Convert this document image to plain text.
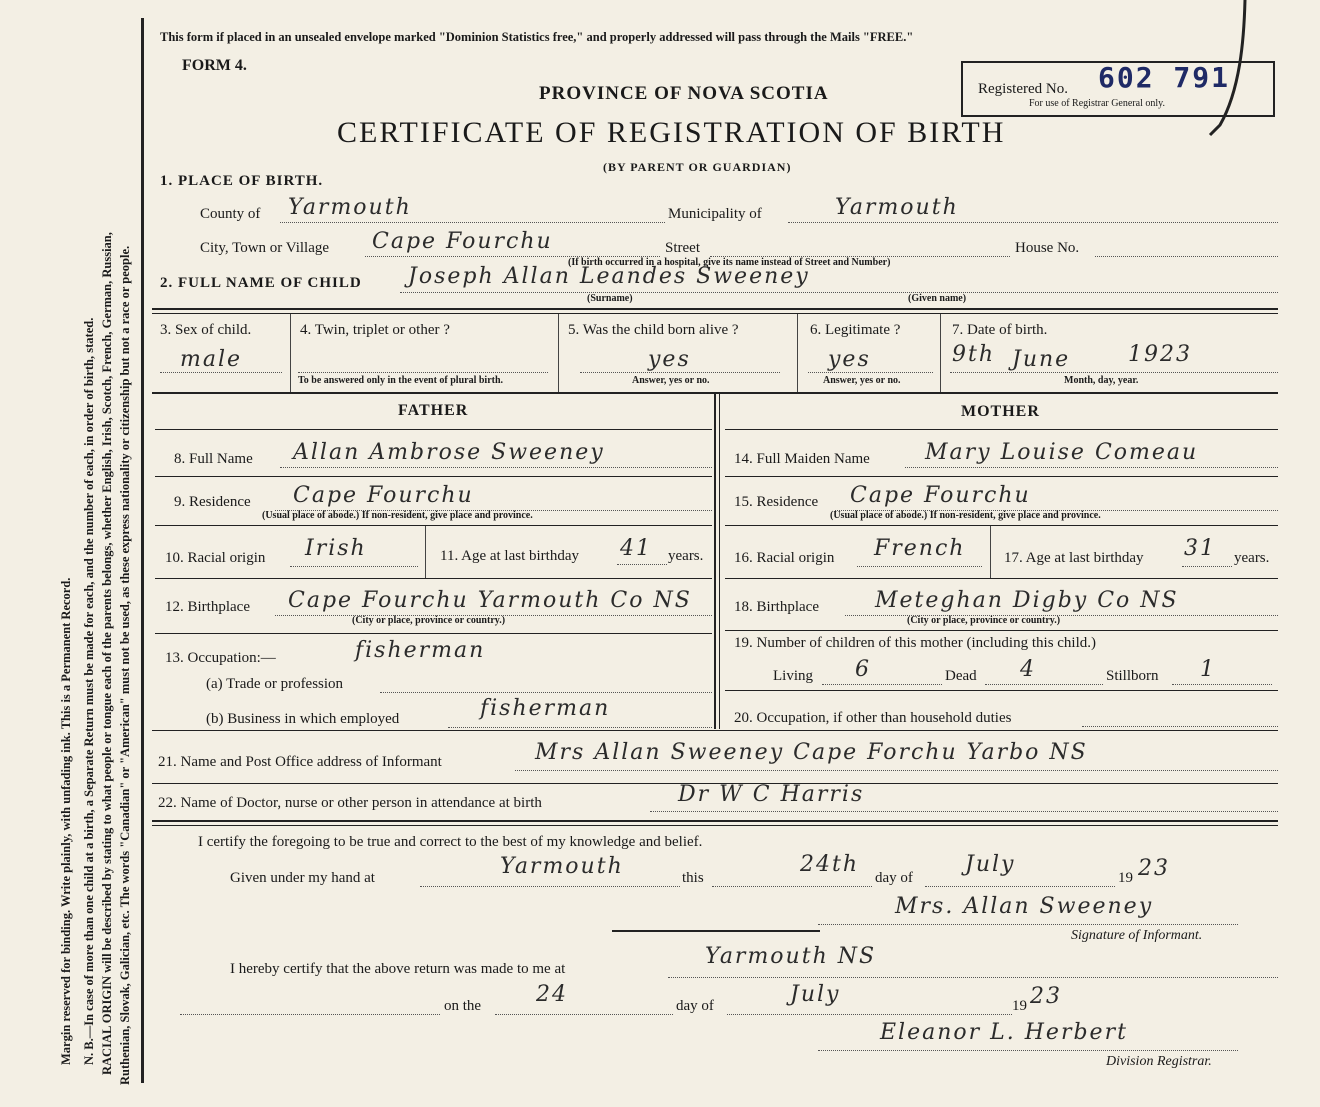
Margin reserved for binding. Write plainly, with unfading ink. This is a Permanent Record. N. B.—In case of more than one child at a birth, a Separate Return must be made for each, and the number of each, in order of birth, stated. RACIAL ORIGIN will be described by stating to what people or tongue each of the parents belongs, whether English, Irish, Scotch, French, German, Russian, Ruthenian, Slovak, Galician, etc. The words "Canadian" or "American" must not be used, as these express nationality or citizenship but not a race or people.
This form if placed in an unsealed envelope marked "Dominion Statistics free," and properly addressed will pass through the Mails "FREE."
FORM 4.
PROVINCE OF NOVA SCOTIA
CERTIFICATE OF REGISTRATION OF BIRTH
(BY PARENT OR GUARDIAN)
Registered No. 602 791
For use of Registrar General only.
1. PLACE OF BIRTH.
County of Yarmouth	Municipality of	Yarmouth
City, Town or Village Cape Fourchu	Street	House No.
(If birth occurred in a hospital, give its name instead of Street and Number)
2. FULL NAME OF CHILD Joseph Allan Leandes Sweeney
(Surname)	(Given name)
3. Sex of child.
male
4. Twin, triplet or other ?
To be answered only in the event of plural birth.
5. Was the child born alive ?
yes
Answer, yes or no.
6. Legitimate ?
yes
Answer, yes or no.
7. Date of birth.
9th June	1923
Month, day, year.
FATHER	MOTHER
8. Full Name Allan Ambrose Sweeney
9. Residence Cape Fourchu
(Usual place of abode.) If non-resident, give place and province.
10. Racial origin Irish	11. Age at last birthday 41 years.
12. Birthplace Cape Fourchu Yarmouth Co NS
(City or place, province or country.)
13. Occupation:—	fisherman
(a) Trade or profession
(b) Business in which employed	fisherman
14. Full Maiden Name	Mary Louise Comeau
15. Residence Cape Fourchu
(Usual place of abode.) If non-resident, give place and province.
16. Racial origin French	17. Age at last birthday 31 years.
18. Birthplace	Meteghan Digby Co NS
(City or place, province or country.)
19. Number of children of this mother (including this child.)
Living 6	Dead 4	Stillborn 1
20. Occupation, if other than household duties
21. Name and Post Office address of Informant	Mrs Allan Sweeney Cape Forchu Yarbo NS
22. Name of Doctor, nurse or other person in attendance at birth	Dr W C Harris
I certify the foregoing to be true and correct to the best of my knowledge and belief.
Given under my hand at	Yarmouth	this
24th
day of
July
19 23
Mrs. Allan Sweeney
Signature of Informant.
I hereby certify that the above return was made to me at	Yarmouth NS
on the 24	day of	July	19 23
Eleanor L. Herbert
Division Registrar.
